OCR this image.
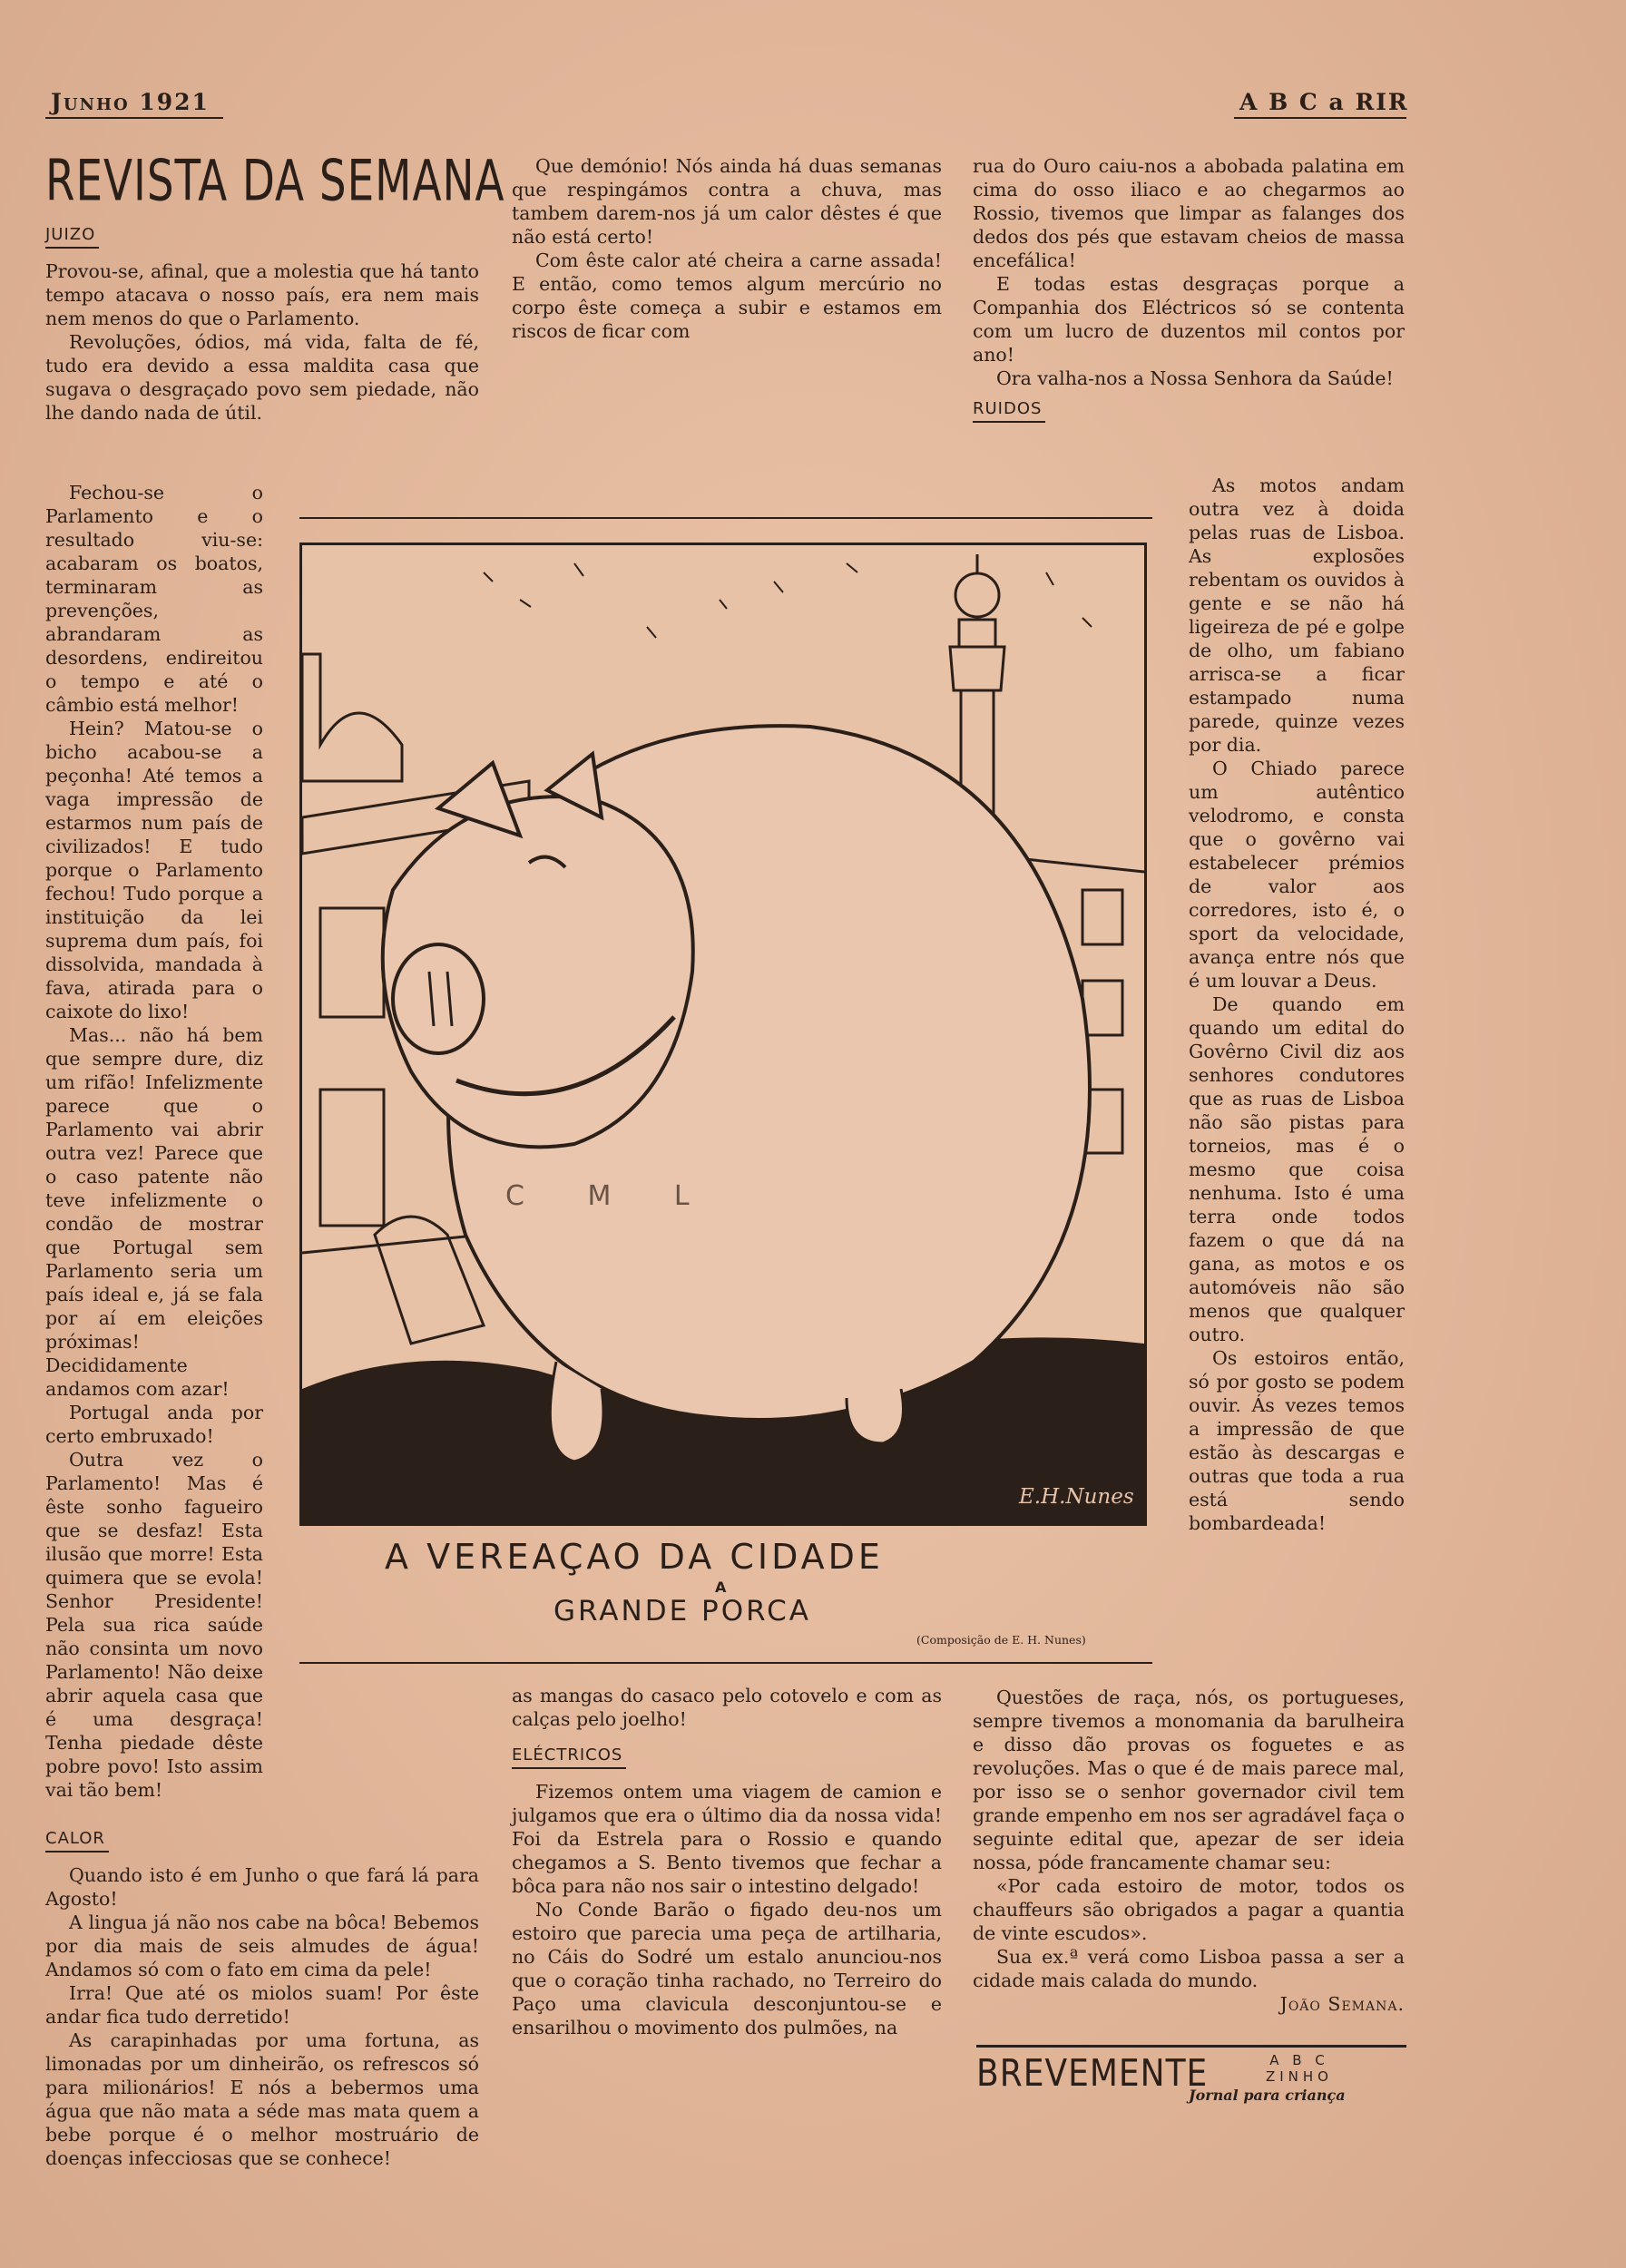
Junho 1921	A B C a RIR
REVISTA DA SEMANA
JUIZO

Provou-se, afinal, que a molestia que há tanto tempo atacava o nosso país, era nem mais nem menos do que o Parlamento.

Revoluções, ódios, má vida, falta de fé, tudo era devido a essa maldita casa que sugava o desgraçado povo sem piedade, não lhe dando nada de útil.

Fechou-se o Parlamento e o resultado viu-se: acabaram os boatos, terminaram as prevenções, abrandaram as desordens, endireitou o tempo e até o câmbio está melhor!

Hein? Matou-se o bicho acabou-se a peçonha! Até temos a vaga impressão de estarmos num país de civilizados! E tudo porque o Parlamento fechou! Tudo porque a instituição da lei suprema dum país, foi dissolvida, mandada à fava, atirada para o caixote do lixo!

Mas... não há bem que sempre dure, diz um rifão! Infelizmente parece que o Parlamento vai abrir outra vez! Parece que o caso patente não teve infelizmente o condão de mostrar que Portugal sem Parlamento seria um país ideal e, já se fala por aí em eleições próximas! Decididamente andamos com azar!

Portugal anda por certo embruxado!

Outra vez o Parlamento! Mas é êste sonho fagueiro que se desfaz! Esta ilusão que morre! Esta quimera que se evola! Senhor Presidente! Pela sua rica saúde não consinta um novo Parlamento! Não deixe abrir aquela casa que é uma desgraça! Tenha piedade dêste pobre povo! Isto assim vai tão bem!

CALOR

Quando isto é em Junho o que fará lá para Agosto!

A lingua já não nos cabe na bôca! Bebemos por dia mais de seis almudes de água! Andamos só com o fato em cima da pele!

Irra! Que até os miolos suam! Por êste andar fica tudo derretido!

As carapinhadas por uma fortuna, as limonadas por um dinheirão, os refrescos só para milionários! E nós a bebermos uma água que não mata a séde mas mata quem a bebe porque é o melhor mostruário de doenças infecciosas que se conhece!

Que demónio! Nós ainda há duas semanas que respingámos contra a chuva, mas tambem darem-nos já um calor dêstes é que não está certo!

Com êste calor até cheira a carne assada! E então, como temos algum mercúrio no corpo êste começa a subir e estamos em riscos de ficar com

rua do Ouro caiu-nos a abobada palatina em cima do osso iliaco e ao chegarmos ao Rossio, tivemos que limpar as falanges dos dedos dos pés que estavam cheios de massa encefálica!

E todas estas desgraças porque a Companhia dos Eléctricos só se contenta com um lucro de duzentos mil contos por ano!

Ora valha-nos a Nossa Senhora da Saúde!

RUIDOS

As motos andam outra vez à doida pelas ruas de Lisboa. As explosões rebentam os ouvidos à gente e se não há ligeireza de pé e golpe de olho, um fabiano arrisca-se a ficar estampado numa parede, quinze vezes por dia.

O Chiado parece um autêntico velodromo, e consta que o govêrno vai estabelecer prémios de valor aos corredores, isto é, o sport da velocidade, avança entre nós que é um louvar a Deus.

De quando em quando um edital do Govêrno Civil diz aos senhores condutores que as ruas de Lisboa não são pistas para torneios, mas é o mesmo que coisa nenhuma. Isto é uma terra onde todos fazem o que dá na gana, as motos e os automóveis não são menos que qualquer outro.

Os estoiros então, só por gosto se podem ouvir. Ás vezes temos a impressão de que estão às descargas e outras que toda a rua está sendo bombardeada!

as mangas do casaco pelo cotovelo e com as calças pelo joelho!

ELÉCTRICOS

Fizemos ontem uma viagem de camion e julgamos que era o último dia da nossa vida! Foi da Estrela para o Rossio e quando chegamos a S. Bento tivemos que fechar a bôca para não nos sair o intestino delgado!

No Conde Barão o figado deu-nos um estoiro que parecia uma peça de artilharia, no Cáis do Sodré um estalo anunciou-nos que o coração tinha rachado, no Terreiro do Paço uma clavicula desconjuntou-se e ensarilhou o movimento dos pulmões, na

Questões de raça, nós, os portugueses, sempre tivemos a monomania da barulheira e disso dão provas os foguetes e as revoluções. Mas o que é de mais parece mal, por isso se o senhor governador civil tem grande empenho em nos ser agradável faça o seguinte edital que, apezar de ser ideia nossa, póde francamente chamar seu:

«Por cada estoiro de motor, todos os chauffeurs são obrigados a pagar a quantia de vinte escudos».

Sua ex.ª verá como Lisboa passa a ser a cidade mais calada do mundo.

João Semana.

C M L
E.H.Nunes
A VEREAÇAO DA CIDADE
A
GRANDE PORCA
(Composição de E. H. Nunes)
BREVEMENTE	A B C
ZINHO
Jornal para criança
